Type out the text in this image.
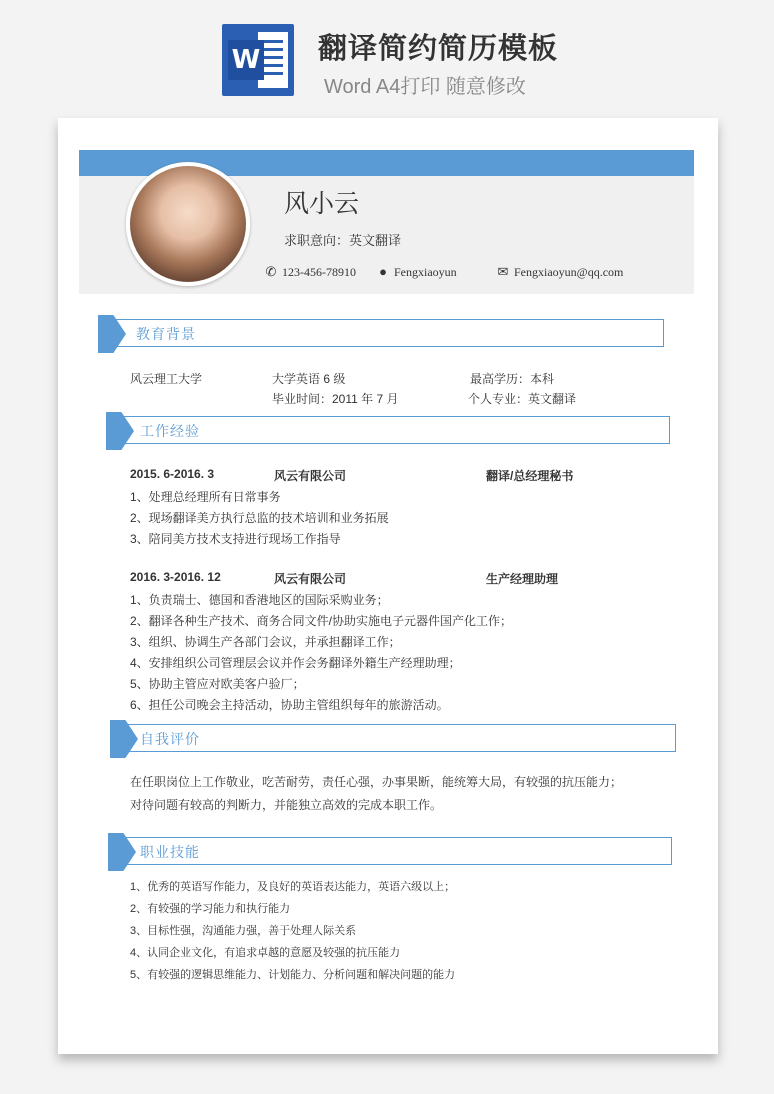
W 翻译简约简历模板
Word A4打印 随意修改
风小云
求职意向：英文翻译
✆ 123-456-78910 ● Fengxiaoyun	✉ Fengxiaoyun@qq.com
教育背景
风云理工大学	大学英语 6 级	最高学历：本科
毕业时间：2011 年 7 月	个人专业：英文翻译
工作经验
2015. 6-2016. 3	风云有限公司	翻译/总经理秘书
1、处理总经理所有日常事务
2、现场翻译美方执行总监的技术培训和业务拓展
3、陪同美方技术支持进行现场工作指导
2016. 3-2016. 12	风云有限公司	生产经理助理
1、负责瑞士、德国和香港地区的国际采购业务；
2、翻译各种生产技术、商务合同文件/协助实施电子元器件国产化工作；
3、组织、协调生产各部门会议，并承担翻译工作；
4、安排组织公司管理层会议并作会务翻译外籍生产经理助理；
5、协助主管应对欧美客户验厂；
6、担任公司晚会主持活动，协助主管组织每年的旅游活动。
自我评价
在任职岗位上工作敬业，吃苦耐劳，责任心强，办事果断，能统筹大局，有较强的抗压能力；
对待问题有较高的判断力，并能独立高效的完成本职工作。
职业技能
1、优秀的英语写作能力，及良好的英语表达能力，英语六级以上；
2、有较强的学习能力和执行能力
3、目标性强，沟通能力强，善于处理人际关系
4、认同企业文化，有追求卓越的意愿及较强的抗压能力
5、有较强的逻辑思维能力、计划能力、分析问题和解决问题的能力
